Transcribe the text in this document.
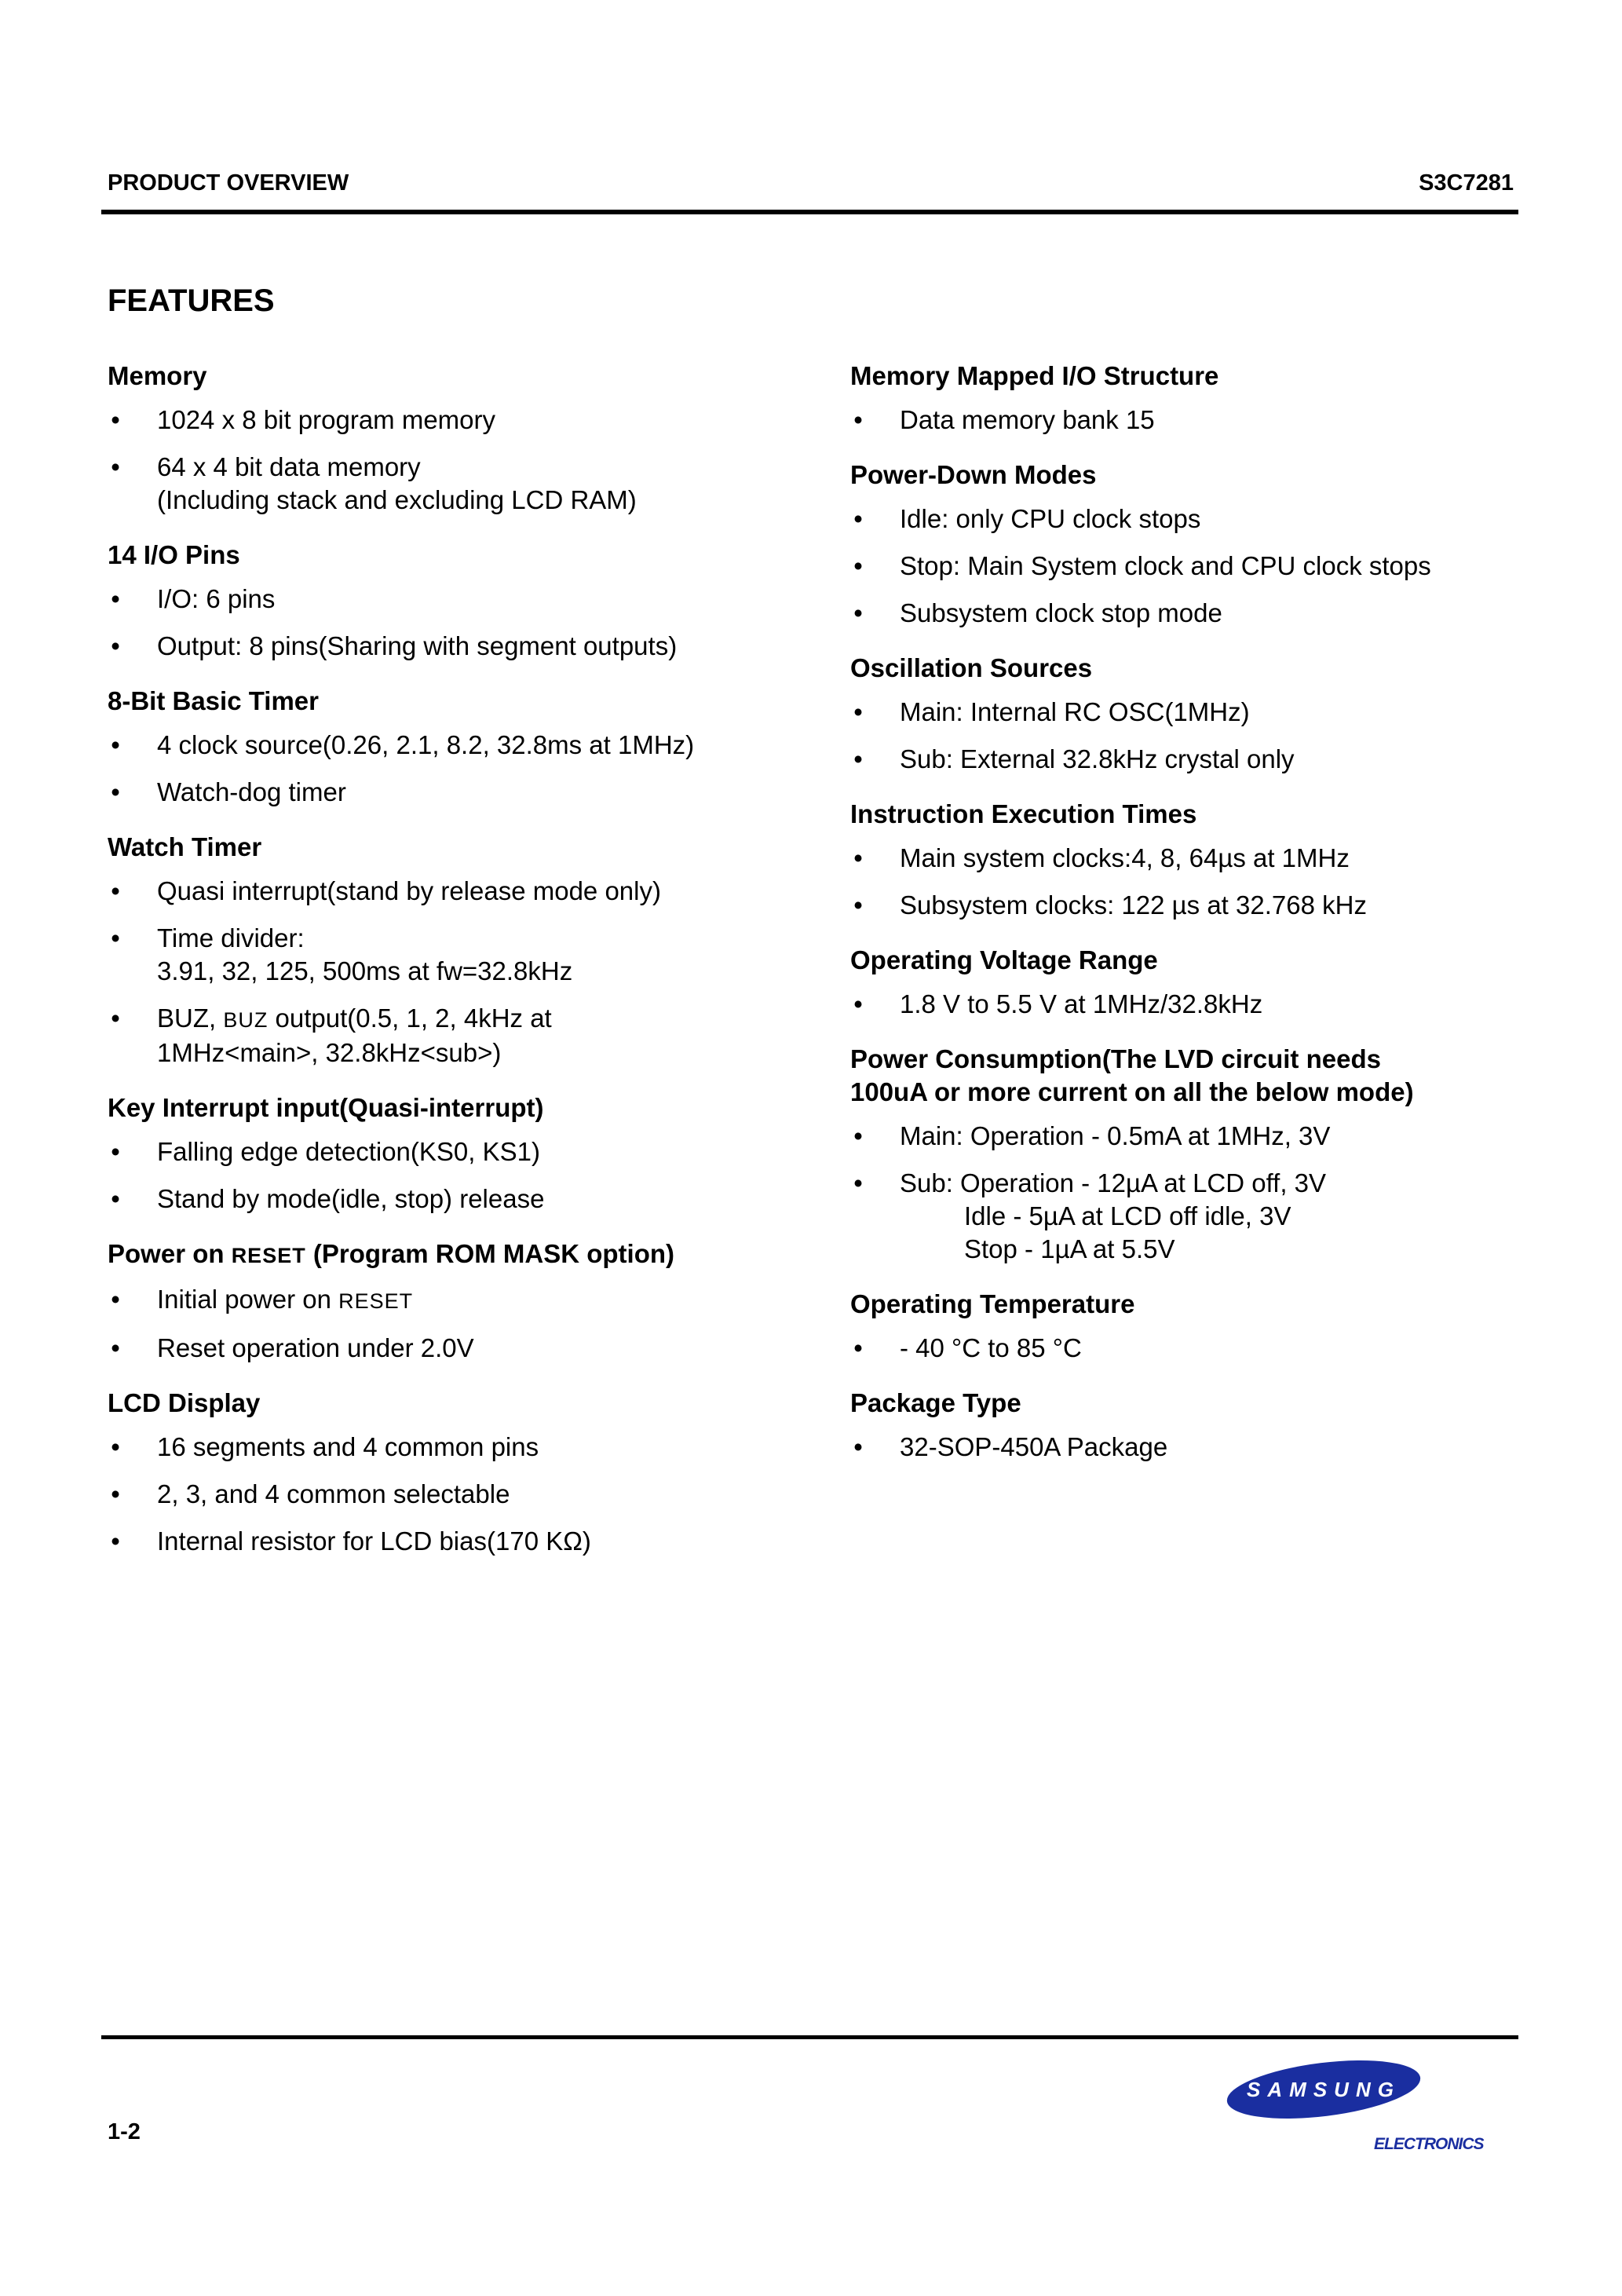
PRODUCT OVERVIEW	S3C7281
FEATURES
Memory
• 1024 x 8 bit program memory
• 64 x 4 bit data memory
(Including stack and excluding LCD RAM)
14 I/O Pins
• I/O: 6 pins
• Output: 8 pins(Sharing with segment outputs)
8-Bit Basic Timer
• 4 clock source(0.26, 2.1, 8.2, 32.8ms at 1MHz)
• Watch-dog timer
Watch Timer
• Quasi interrupt(stand by release mode only)
• Time divider:
3.91, 32, 125, 500ms at fw=32.8kHz
• BUZ, BUZ output(0.5, 1, 2, 4kHz at
1MHz<main>, 32.8kHz<sub>)
Key Interrupt input(Quasi-interrupt)
• Falling edge detection(KS0, KS1)
• Stand by mode(idle, stop) release
Power on RESET (Program ROM MASK option)
• Initial power on RESET
• Reset operation under 2.0V
LCD Display
• 16 segments and 4 common pins
• 2, 3, and 4 common selectable
• Internal resistor for LCD bias(170 KΩ)
Memory Mapped I/O Structure
• Data memory bank 15
Power-Down Modes
• Idle: only CPU clock stops
• Stop: Main System clock and CPU clock stops
• Subsystem clock stop mode
Oscillation Sources
• Main: Internal RC OSC(1MHz)
• Sub: External 32.8kHz crystal only
Instruction Execution Times
• Main system clocks:4, 8, 64µs at 1MHz
• Subsystem clocks: 122 µs at 32.768 kHz
Operating Voltage Range
• 1.8 V to 5.5 V at 1MHz/32.8kHz
Power Consumption(The LVD circuit needs
100uA or more current on all the below mode)
• Main: Operation - 0.5mA at 1MHz, 3V
• Sub: Operation - 12µA at LCD off, 3V
Idle - 5µA at LCD off idle, 3V
Stop - 1µA at 5.5V
Operating Temperature
• - 40 °C to 85 °C
Package Type
• 32-SOP-450A Package
1-2
SAMSUNG
ELECTRONICS
